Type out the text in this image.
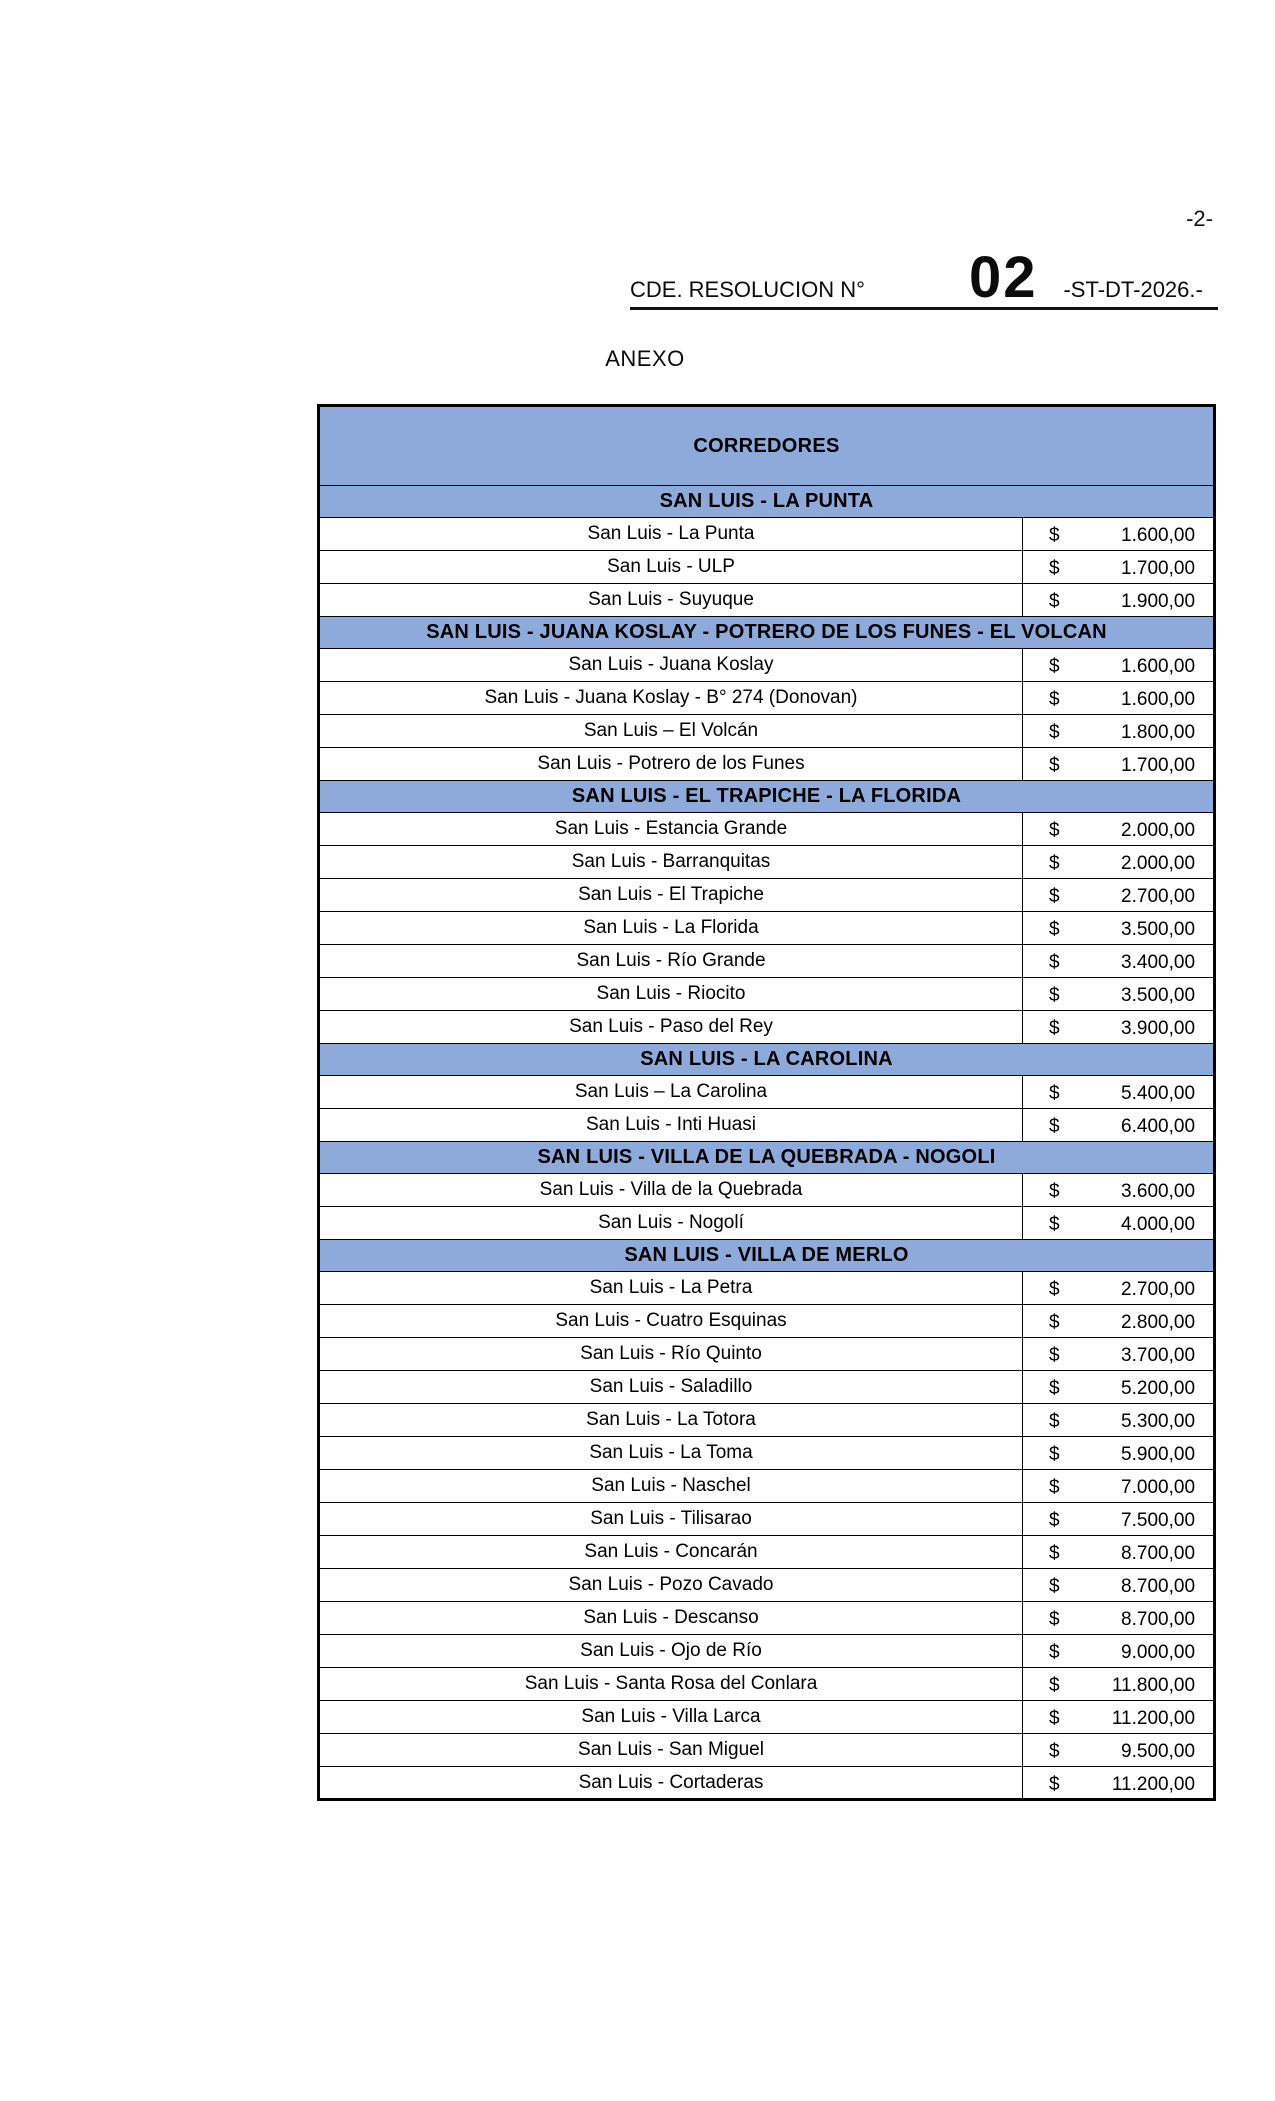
-2-
CDE. RESOLUCION N° 02 -ST-DT-2026.-
ANEXO
CORREDORES	
SAN LUIS - LA PUNTA	
San Luis - La Punta	$ 1.600,00

San Luis - ULP	$ 1.700,00

San Luis - Suyuque	$ 1.900,00

SAN LUIS - JUANA KOSLAY - POTRERO DE LOS FUNES - EL VOLCAN	
San Luis - Juana Koslay	$ 1.600,00

San Luis - Juana Koslay - B° 274 (Donovan)	$ 1.600,00

San Luis – El Volcán	$ 1.800,00

San Luis - Potrero de los Funes	$ 1.700,00

SAN LUIS - EL TRAPICHE - LA FLORIDA	
San Luis - Estancia Grande	$ 2.000,00

San Luis - Barranquitas	$ 2.000,00

San Luis - El Trapiche	$ 2.700,00

San Luis - La Florida	$ 3.500,00

San Luis - Río Grande	$ 3.400,00

San Luis - Riocito	$ 3.500,00

San Luis - Paso del Rey	$ 3.900,00

SAN LUIS - LA CAROLINA	
San Luis – La Carolina	$ 5.400,00

San Luis - Inti Huasi	$ 6.400,00

SAN LUIS - VILLA DE LA QUEBRADA - NOGOLI	
San Luis - Villa de la Quebrada	$ 3.600,00

San Luis - Nogolí	$ 4.000,00

SAN LUIS - VILLA DE MERLO	
San Luis - La Petra	$ 2.700,00

San Luis - Cuatro Esquinas	$ 2.800,00

San Luis - Río Quinto	$ 3.700,00

San Luis - Saladillo	$ 5.200,00

San Luis - La Totora	$ 5.300,00

San Luis - La Toma	$ 5.900,00

San Luis - Naschel	$ 7.000,00

San Luis - Tilisarao	$ 7.500,00

San Luis - Concarán	$ 8.700,00

San Luis - Pozo Cavado	$ 8.700,00

San Luis - Descanso	$ 8.700,00

San Luis - Ojo de Río	$ 9.000,00

San Luis - Santa Rosa del Conlara	$ 11.800,00

San Luis - Villa Larca	$ 11.200,00

San Luis - San Miguel	$ 9.500,00

San Luis - Cortaderas	$ 11.200,00
